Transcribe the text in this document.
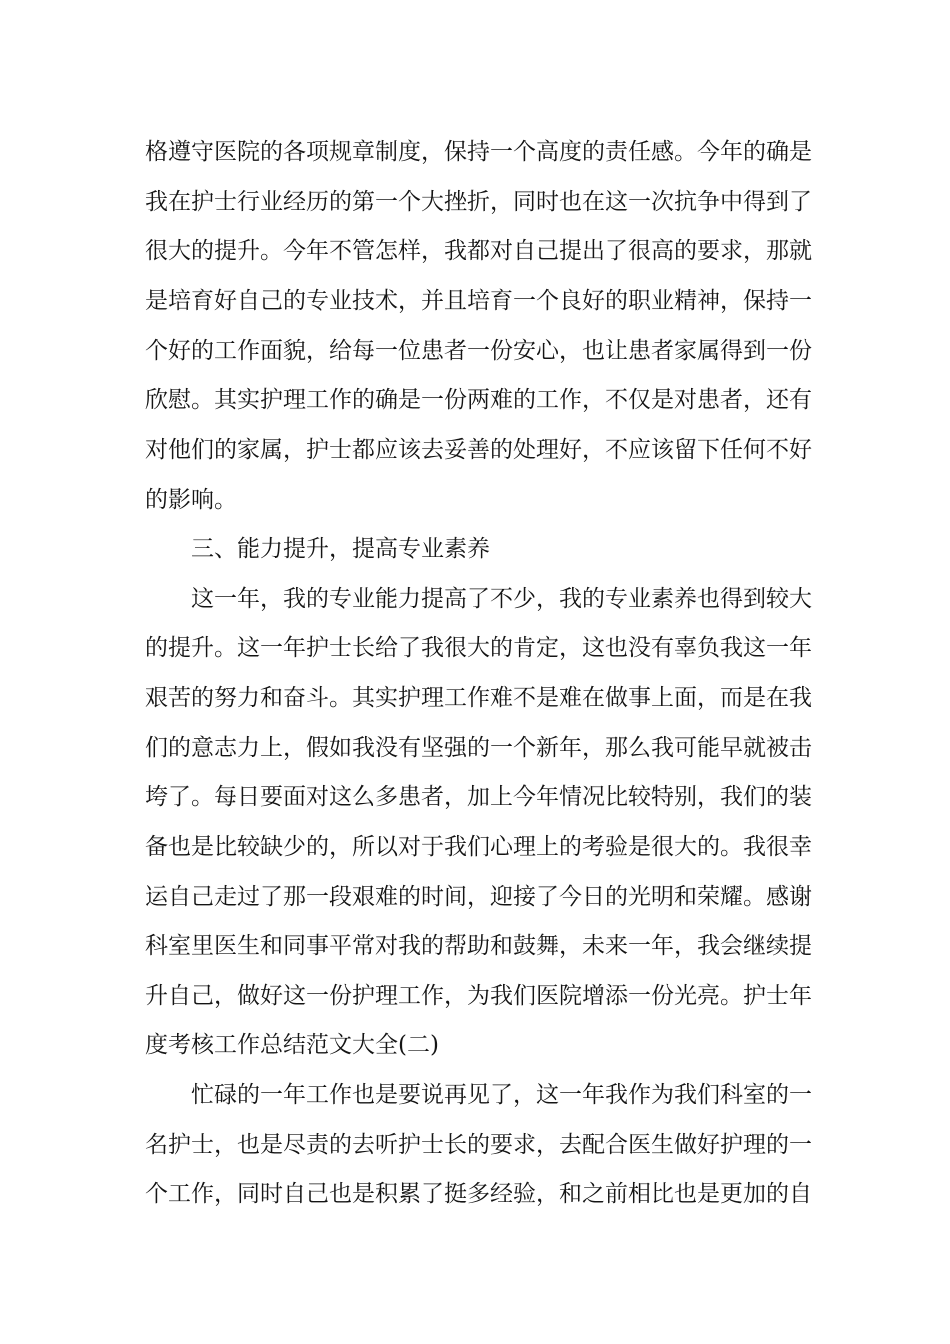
格遵守医院的各项规章制度，保持一个高度的责任感。今年的确是
我在护士行业经历的第一个大挫折，同时也在这一次抗争中得到了
很大的提升。今年不管怎样，我都对自己提出了很高的要求，那就
是培育好自己的专业技术，并且培育一个良好的职业精神，保持一
个好的工作面貌，给每一位患者一份安心，也让患者家属得到一份
欣慰。其实护理工作的确是一份两难的工作，不仅是对患者，还有
对他们的家属，护士都应该去妥善的处理好，不应该留下任何不好
的影响。
三、能力提升，提高专业素养
这一年，我的专业能力提高了不少，我的专业素养也得到较大
的提升。这一年护士长给了我很大的肯定，这也没有辜负我这一年
艰苦的努力和奋斗。其实护理工作难不是难在做事上面，而是在我
们的意志力上，假如我没有坚强的一个新年，那么我可能早就被击
垮了。每日要面对这么多患者，加上今年情况比较特别，我们的装
备也是比较缺少的，所以对于我们心理上的考验是很大的。我很幸
运自己走过了那一段艰难的时间，迎接了今日的光明和荣耀。感谢
科室里医生和同事平常对我的帮助和鼓舞，未来一年，我会继续提
升自己，做好这一份护理工作，为我们医院增添一份光亮。护士年
度考核工作总结范文大全(二)
忙碌的一年工作也是要说再见了，这一年我作为我们科室的一
名护士，也是尽责的去听护士长的要求，去配合医生做好护理的一
个工作，同时自己也是积累了挺多经验，和之前相比也是更加的自
